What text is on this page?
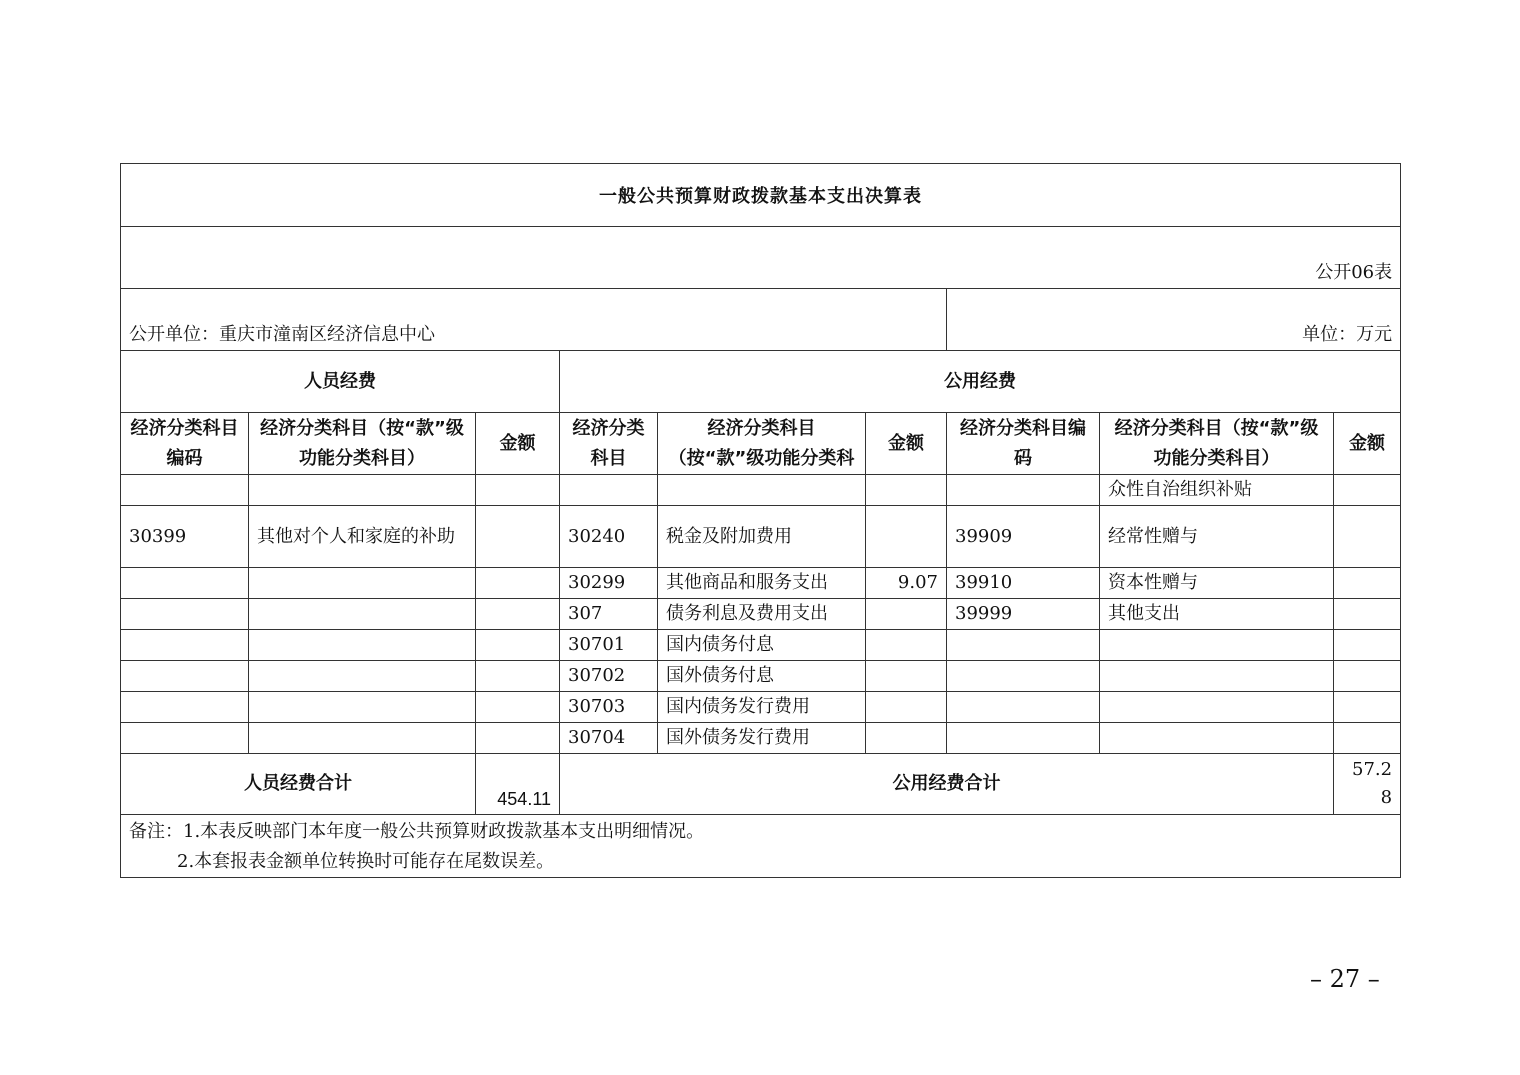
一般公共预算财政拨款基本支出决算表								
公开06表								
公开单位：重庆市潼南区经济信息中心						单位：万元		
人员经费			公用经费					
经济分类科目编码	经济分类科目（按“款”级功能分类科目）	金额	经济分类科目	经济分类科目（按“款”级功能分类科	金额	经济分类科目编码	经济分类科目（按“款”级功能分类科目）	金额
							众性自治组织补贴	
30399	其他对个人和家庭的补助		30240	税金及附加费用		39909	经常性赠与	
			30299	其他商品和服务支出	9.07	39910	资本性赠与	
			307	债务利息及费用支出		39999	其他支出	
			30701	国内债务付息				
			30702	国外债务付息				
			30703	国内债务发行费用				
			30704	国外债务发行费用				
人员经费合计		454.11	公用经费合计					57.28

备注：1.本表反映部门本年度一般公共预算财政拨款基本支出明细情况。
2.本套报表金额单位转换时可能存在尾数误差。								
– 27 –
